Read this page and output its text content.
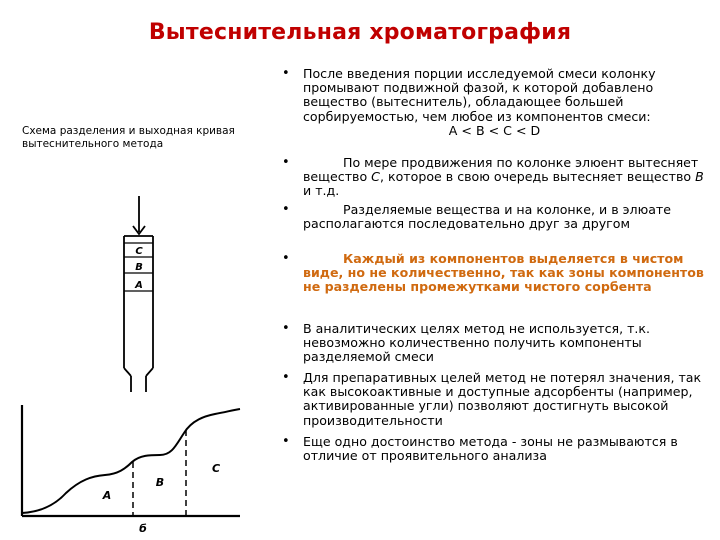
Вытеснительная хроматография
Схема разделения и выходная кривая вытеснительного метода
C
B
A
A
B
C
б
• После введения порции исследуемой смеси колонку промывают подвижной фазой, к которой добавлено вещество (вытеснитель), обладающее большей сорбируемостью, чем любое из компонентов смеси:
A < B < C < D
•	По мере продвижения по колонке элюент вытесняет вещество С, которое в свою очередь вытесняет вещество В и т.д.
•	Разделяемые вещества и на колонке, и в элюате располагаются последовательно друг за другом
•	Каждый из компонентов выделяется в чистом виде, но не количественно, так как зоны компонентов не разделены промежутками чистого сорбента
• В аналитических целях метод не используется, т.к. невозможно количественно получить компоненты разделяемой смеси
• Для препаративных целей метод не потерял значения, так как высокоактивные и доступные адсорбенты (например, активированные угли) позволяют достигнуть высокой производительности
• Еще одно достоинство метода - зоны не размываются в отличие от проявительного анализа
